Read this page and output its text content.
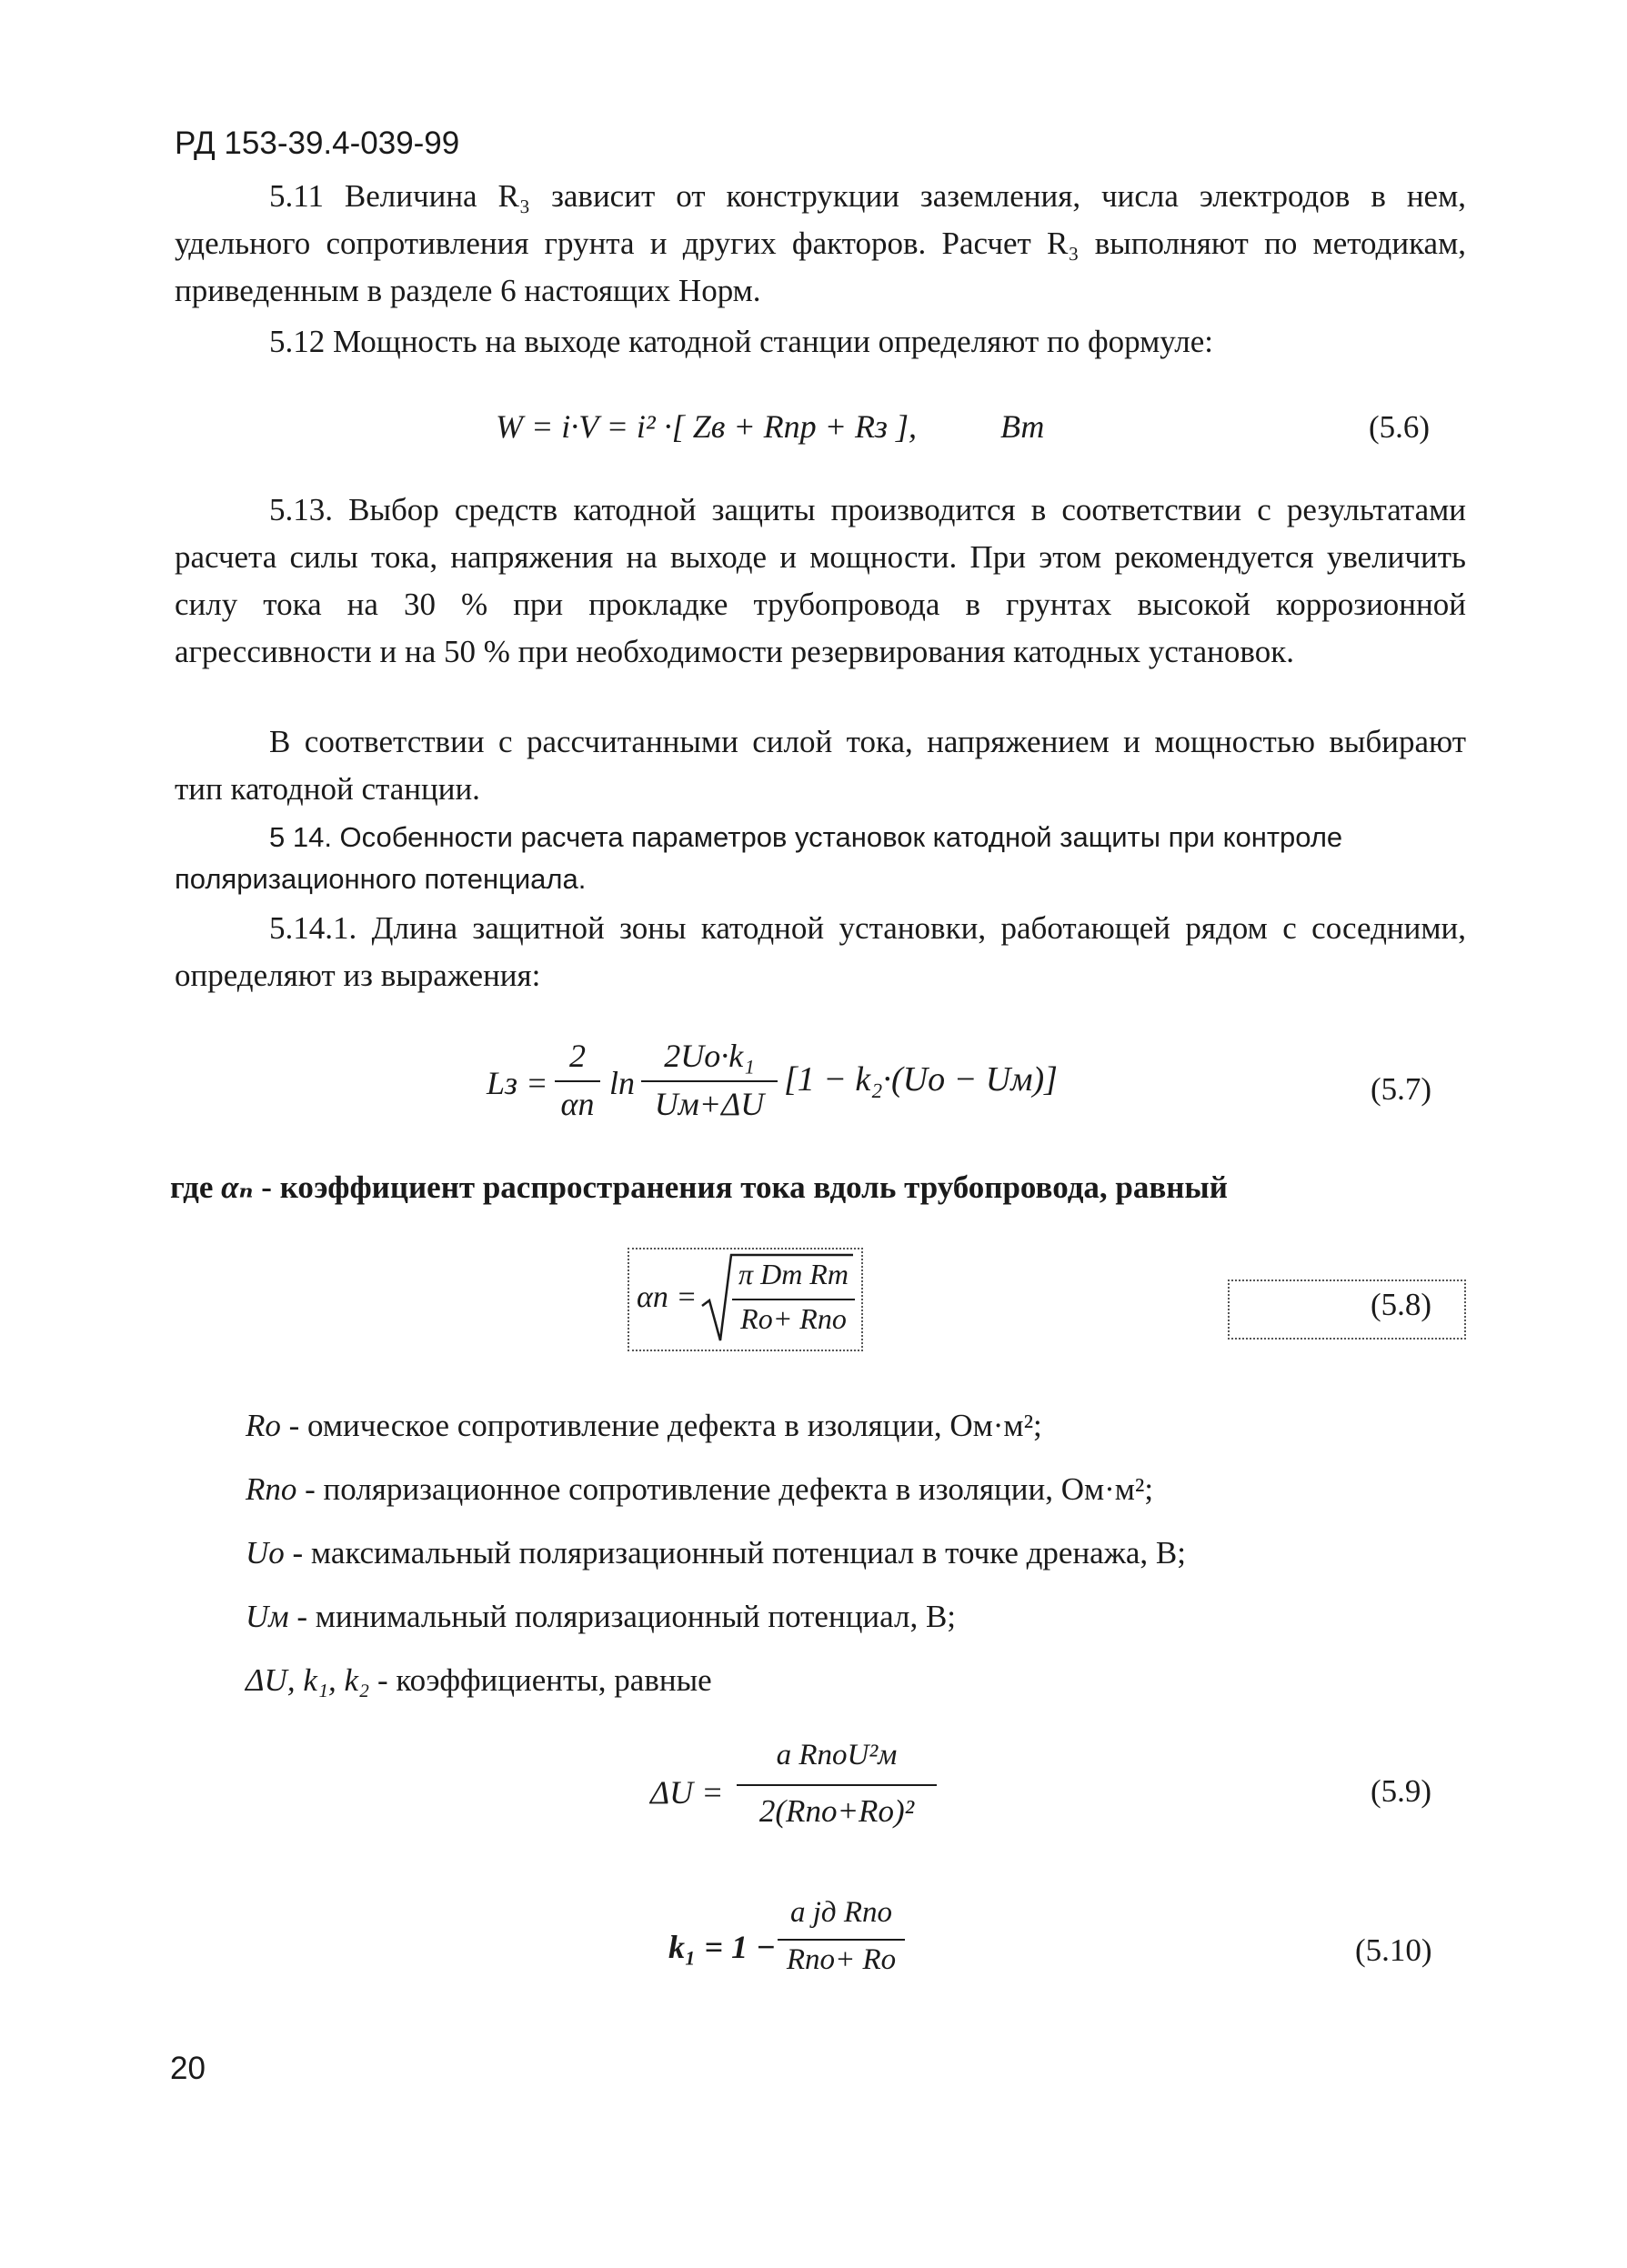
РД 153-39.4-039-99
5.11 Величина R₃ зависит от конструкции заземления, числа электродов в нем, удельного сопротивления грунта и других факторов. Расчет R₃ выполняют по методикам, приведенным в разделе 6 настоящих Норм.
5.12 Мощность на выходе катодной станции определяют по формуле:
W = i·V = i² ·[ Zв + Rпр + Rз ],	Вт	(5.6)
5.13. Выбор средств катодной защиты производится в соответствии с результатами расчета силы тока, напряжения на выходе и мощности. При этом рекомендуется увеличить силу тока на 30 % при прокладке трубопровода в грунтах высокой коррозионной агрессивности и на 50 % при необходимости резервирования катодных установок.
В соответствии с рассчитанными силой тока, напряжением и мощностью выбирают тип катодной станции.
5 14. Особенности расчета параметров установок катодной защиты при контроле поляризационного потенциала.
5.14.1. Длина защитной зоны катодной установки, работающей рядом с соседними, определяют из выражения:
Lз =
2
αп
ln
2Uо·k₁
Uм+ΔU
[1 − k₂·(Uо − Uм)]	(5.7)
где αₙ - коэффициент распространения тока вдоль трубопровода, равный
αп =
π Dт Rт
Rо+ Rпо	(5.8)
Rо - омическое сопротивление дефекта в изоляции, Ом·м²;
Rпо - поляризационное сопротивление дефекта в изоляции, Ом·м²;
Uо - максимальный поляризационный потенциал в точке дренажа, В;
Uм - минимальный поляризационный потенциал, В;
ΔU, k₁, k₂ - коэффициенты, равные
ΔU =
a RпоU²м
2(Rпо+Rо)²
(5.9)
k₁ = 1 −
a jд Rпо
Rпо+ Rо	(5.10)
20
